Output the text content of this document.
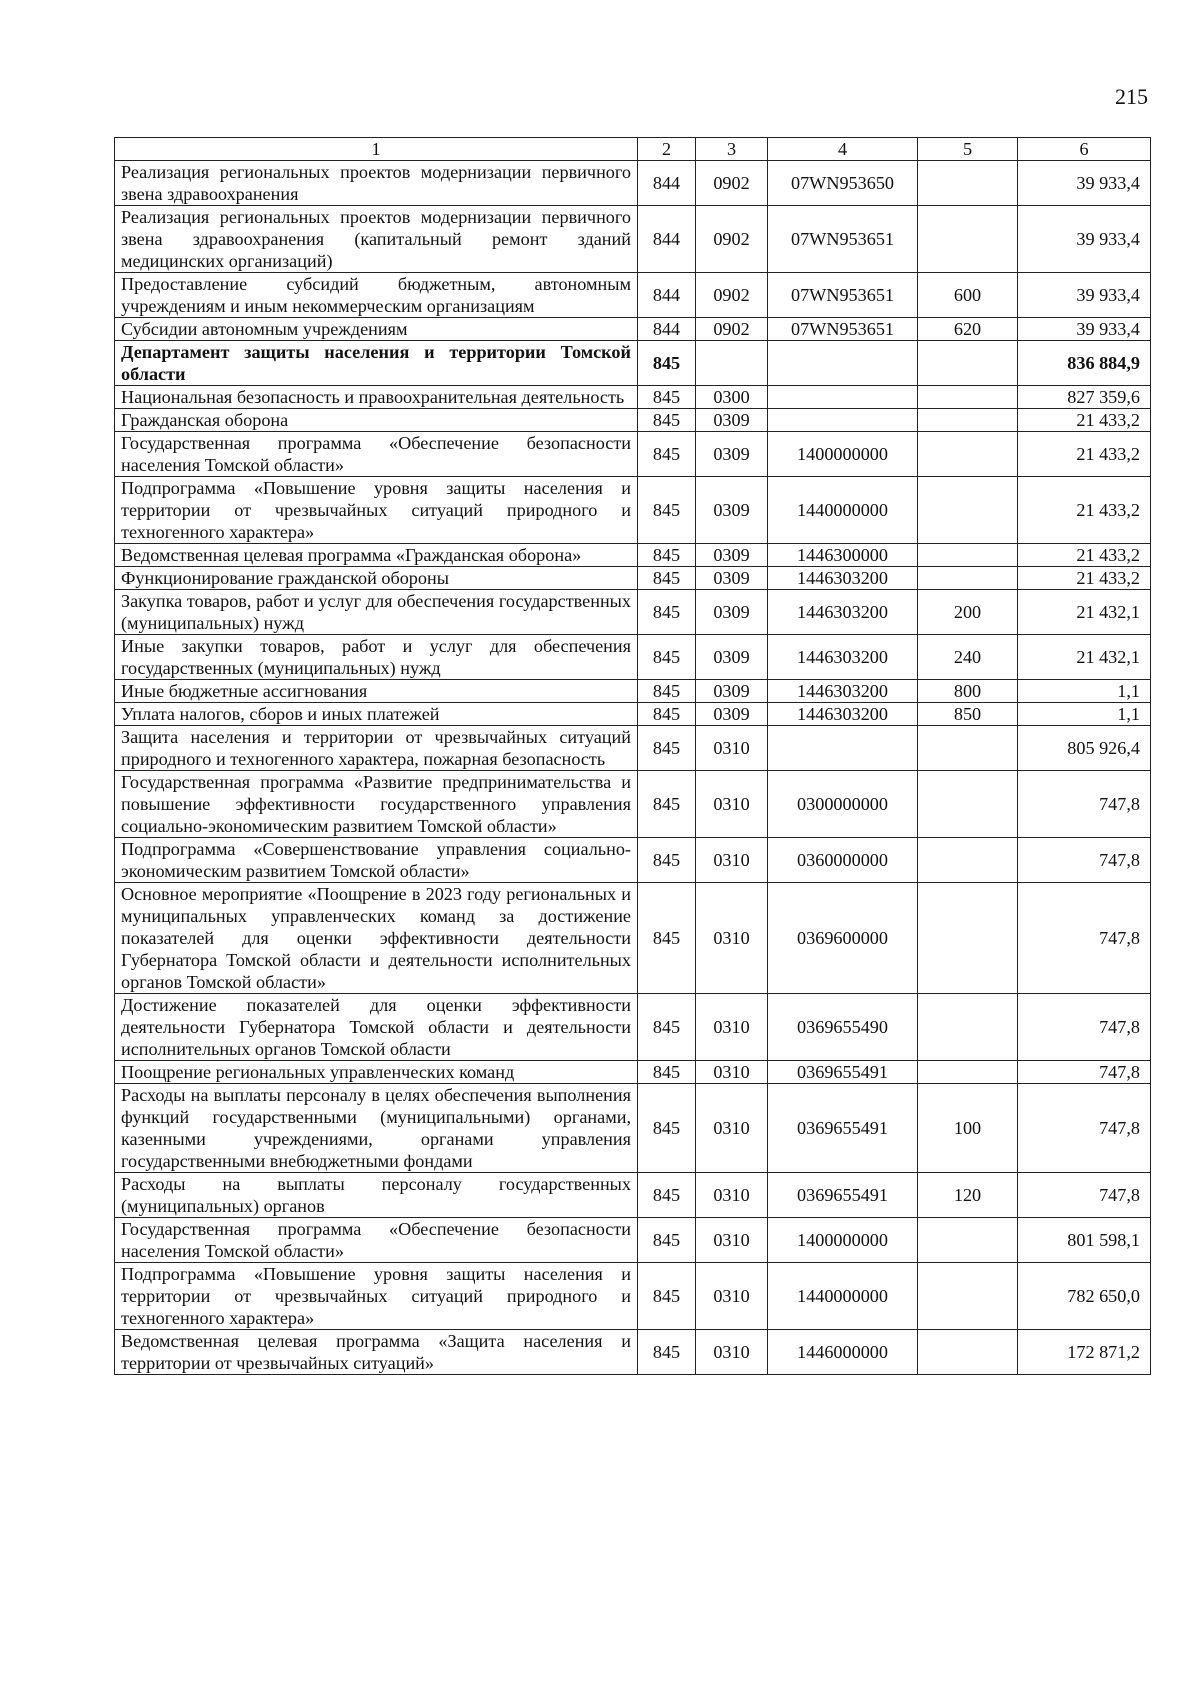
215
1	2	3	4	5	6
Реализация региональных проектов модернизации первичного звена здравоохранения	844	0902	07WN953650		39 933,4
Реализация региональных проектов модернизации первичного звена здравоохранения (капитальный ремонт зданий медицинских организаций)	844	0902	07WN953651		39 933,4
Предоставление субсидий бюджетным, автономным учреждениям и иным некоммерческим организациям	844	0902	07WN953651	600	39 933,4
Субсидии автономным учреждениям	844	0902	07WN953651	620	39 933,4
Департамент защиты населения и территории Томской области	845				836 884,9
Национальная безопасность и правоохранительная деятельность	845	0300			827 359,6
Гражданская оборона	845	0309			21 433,2
Государственная программа «Обеспечение безопасности населения Томской области»	845	0309	1400000000		21 433,2
Подпрограмма «Повышение уровня защиты населения и территории от чрезвычайных ситуаций природного и техногенного характера»	845	0309	1440000000		21 433,2
Ведомственная целевая программа «Гражданская оборона»	845	0309	1446300000		21 433,2
Функционирование гражданской обороны	845	0309	1446303200		21 433,2
Закупка товаров, работ и услуг для обеспечения государственных (муниципальных) нужд	845	0309	1446303200	200	21 432,1
Иные закупки товаров, работ и услуг для обеспечения государственных (муниципальных) нужд	845	0309	1446303200	240	21 432,1
Иные бюджетные ассигнования	845	0309	1446303200	800	1,1
Уплата налогов, сборов и иных платежей	845	0309	1446303200	850	1,1
Защита населения и территории от чрезвычайных ситуаций природного и техногенного характера, пожарная безопасность	845	0310			805 926,4
Государственная программа «Развитие предпринимательства и повышение эффективности государственного управления социально-экономическим развитием Томской области»	845	0310	0300000000		747,8
Подпрограмма «Совершенствование управления социально-экономическим развитием Томской области»	845	0310	0360000000		747,8
Основное мероприятие «Поощрение в 2023 году региональных и муниципальных управленческих команд за достижение показателей для оценки эффективности деятельности Губернатора Томской области и деятельности исполнительных органов Томской области»	845	0310	0369600000		747,8
Достижение показателей для оценки эффективности деятельности Губернатора Томской области и деятельности исполнительных органов Томской области	845	0310	0369655490		747,8
Поощрение региональных управленческих команд	845	0310	0369655491		747,8
Расходы на выплаты персоналу в целях обеспечения выполнения функций государственными (муниципальными) органами, казенными учреждениями, органами управления государственными внебюджетными фондами	845	0310	0369655491	100	747,8
Расходы на выплаты персоналу государственных (муниципальных) органов	845	0310	0369655491	120	747,8
Государственная программа «Обеспечение безопасности населения Томской области»	845	0310	1400000000		801 598,1
Подпрограмма «Повышение уровня защиты населения и территории от чрезвычайных ситуаций природного и техногенного характера»	845	0310	1440000000		782 650,0
Ведомственная целевая программа «Защита населения и территории от чрезвычайных ситуаций»	845	0310	1446000000		172 871,2
